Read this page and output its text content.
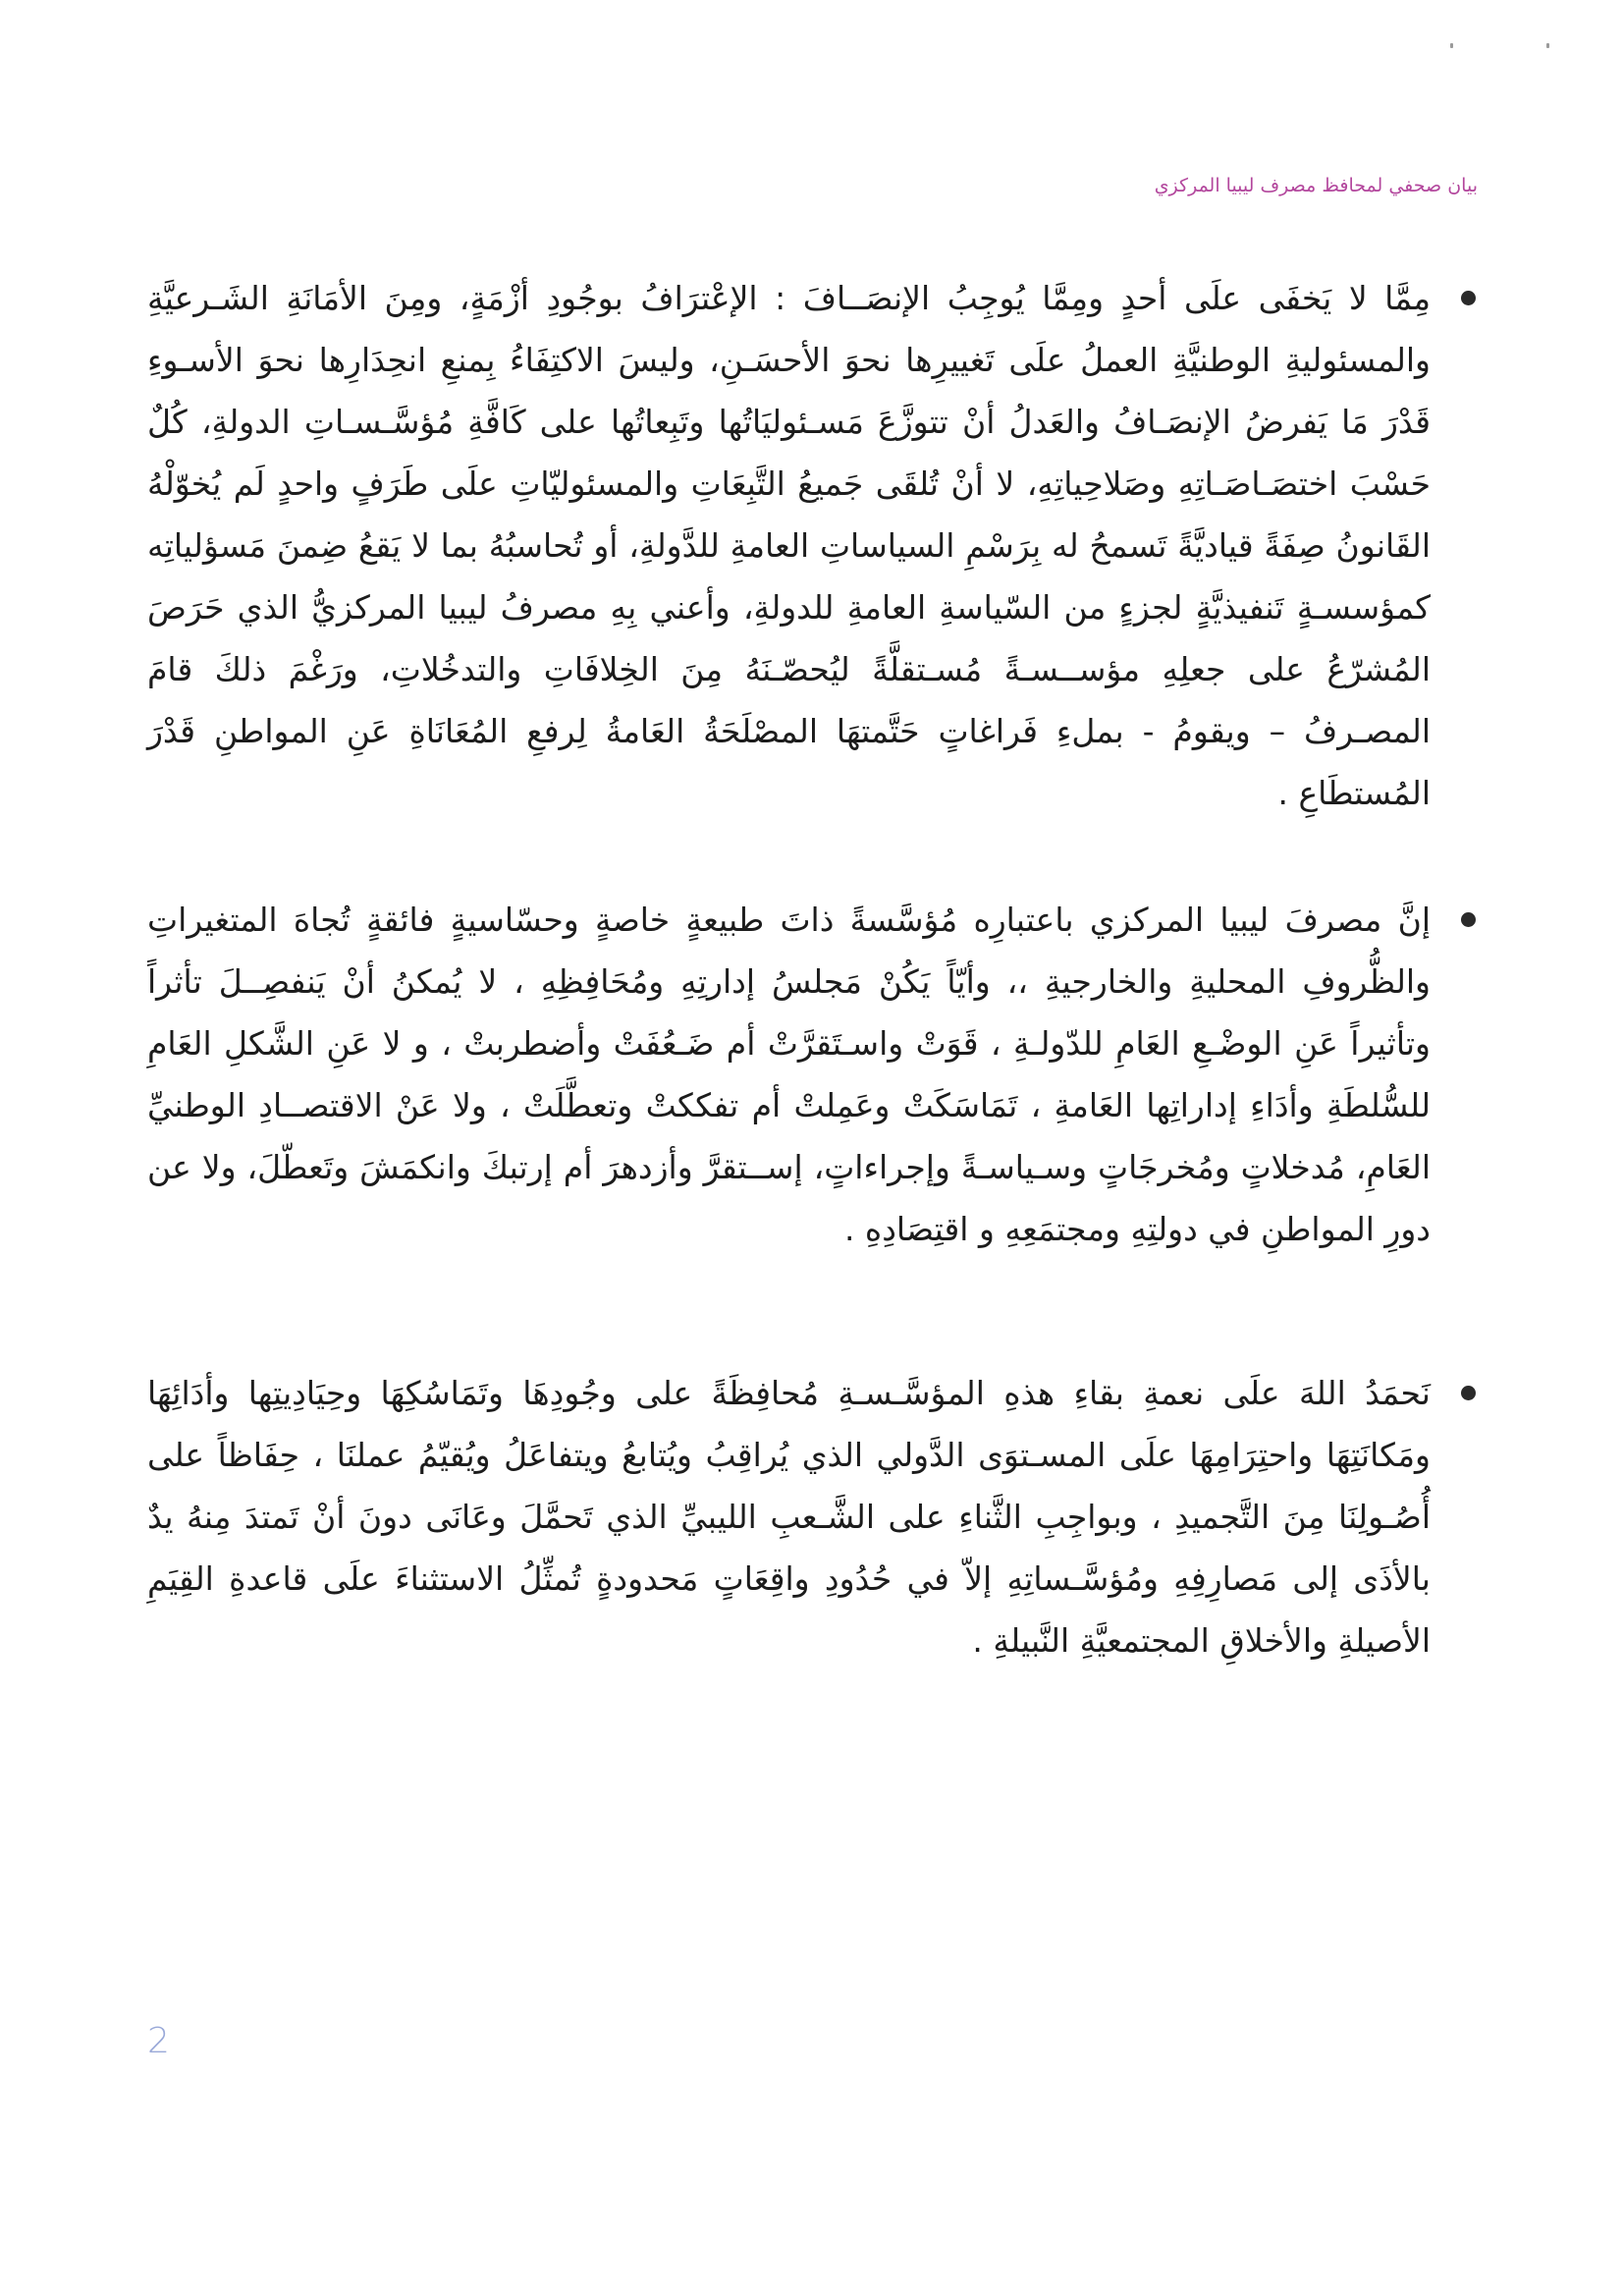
بيان صحفي لمحافظ مصرف ليبيا المركزي
مِمَّا لا يَخفَى علَى أحدٍ ومِمَّا يُوجِبُ الإنصَــافَ : الإعْترَافُ بوجُودِ أزْمَةٍ، ومِنَ الأمَانَةِ الشَـرعيَّةِ والمسئوليةِ الوطنيَّةِ العملُ علَى تَغييرِها نحوَ الأحسَـنِ، وليسَ الاكتِفَاءُ بِمنعِ انحِدَارِها نحوَ الأسـوءِ قَدْرَ مَا يَفرضُ الإنصَـافُ والعَدلُ أنْ تتوزَّعَ مَسـئوليَاتُها وتَبِعاتُها على كَافَّةِ مُؤسَّـسـاتِ الدولةِ، كُلٌ حَسْبَ اختصَـاصَـاتِهِ وصَلاحِياتِهِ، لا أنْ تُلقَى جَميعُ التَّبِعَاتِ والمسئوليّاتِ علَى طَرَفٍ واحدٍ لَم يُخوّلْهُ القَانونُ صِفَةً قياديَّةً تَسمحُ له بِرَسْمِ السياساتِ العامةِ للدَّولةِ، أو تُحاسبُهُ بما لا يَقعُ ضِمنَ مَسؤلياتِه كمؤسسـةٍ تَنفيذيَّةٍ لجزءٍ من السّياسةِ العامةِ للدولةِ، وأعني بِهِ مصرفُ ليبيا المركزيُّ الذي حَرَصَ المُشرّعُ على جعلِهِ مؤســسـةً مُسـتقلَّةً ليُحصّـنَهُ مِنَ الخِلافَاتِ والتدخُلاتِ، ورَغْمَ ذلكَ قامَ المصـرفُ – ويقومُ - بملءِ فَراغاتٍ حَتَّمتهَا المصْلَحَةُ العَامةُ لِرفعِ المُعَانَاةِ عَنِ المواطنِ قَدْرَ المُستطَاعِ .
إنَّ مصرفَ ليبيا المركزي باعتبارِه مُؤسَّسةً ذاتَ طبيعةٍ خاصةٍ وحسّاسيةٍ فائقةٍ تُجاهَ المتغيراتِ والظُّروفِ المحليةِ والخارجيةِ ،، وأيّاً يَكُنْ مَجلسُ إدارتِهِ ومُحَافِظِهِ ، لا يُمكنُ أنْ يَنفصِــلَ تأثراً وتأثيراً عَنِ الوضْـعِ العَامِ للدّولـةِ ، قَوَتْ واسـتَقرَّتْ أم ضَـعُفَتْ وأضطربتْ ، و لا عَنِ الشَّكلِ العَامِ للسُّلطَةِ وأدَاءِ إداراتِها العَامةِ ، تَمَاسَكَتْ وعَمِلتْ أم تفككتْ وتعطَّلَتْ ، ولا عَنْ الاقتصــادِ الوطنيِّ العَامِ، مُدخلاتٍ ومُخرجَاتٍ وسـياسـةً وإجراءاتٍ، إســتقرَّ وأزدهرَ أم إرتبكَ وانكمَشَ وتَعطّلَ، ولا عن دورِ المواطنِ في دولتِهِ ومجتمَعِهِ و اقتِصَادِهِ .
نَحمَدُ اللهَ علَى نعمةِ بقاءِ هذهِ المؤسَّـسـةِ مُحافِظَةً على وجُودِهَا وتَمَاسُكِهَا وحِيَادِيتِها وأدَائِهَا ومَكانَتِهَا واحتِرَامِهَا علَى المسـتوَى الدَّولي الذي يُراقِبُ ويُتابعُ ويتفاعَلُ ويُقيّمُ عملنَا ، حِفَاظاً على أُصُـولِنَا مِنَ التَّجميدِ ، وبواجِبِ الثَّناءِ على الشَّـعبِ الليبيِّ الذي تَحمَّلَ وعَانَى دونَ أنْ تَمتدَ مِنهُ يدٌ بالأذَى إلى مَصارِفِهِ ومُؤسَّـساتِهِ إلاّ في حُدُودِ واقِعَاتٍ مَحدودةٍ تُمثِّلُ الاستثناءَ علَى قاعدةِ القِيَمِ الأصيلةِ والأخلاقِ المجتمعيَّةِ النَّبيلةِ .
2
